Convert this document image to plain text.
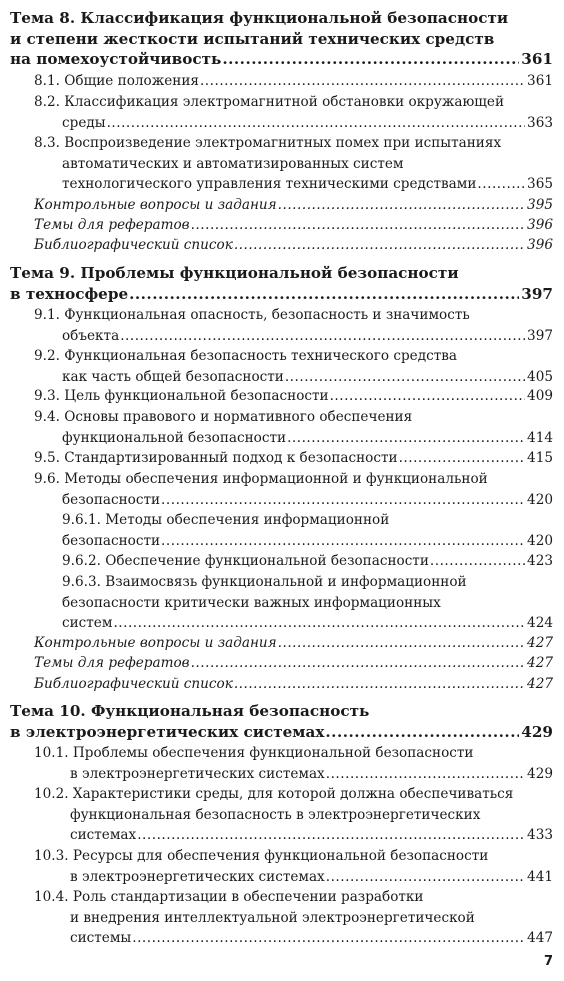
Тема 8. Классификация функциональной безопасности
и степени жесткости испытаний технических средств
на помехоустойчивость . . .	361
8.1. Общие положения . . .	361
8.2. Классификация электромагнитной обстановки окружающей
среды . . .	363
8.3. Воспроизведение электромагнитных помех при испытаниях
автоматических и автоматизированных систем
технологического управления техническими средствами . . .	365
Контрольные вопросы и задания . . .	395
Темы для рефератов . . .	396
Библиографический список . . .	396
Тема 9. Проблемы функциональной безопасности
в техносфере . . .	397
9.1. Функциональная опасность, безопасность и значимость
объекта . . .	397
9.2. Функциональная безопасность технического средства
как часть общей безопасности . . .	405
9.3. Цель функциональной безопасности . . .	409
9.4. Основы правового и нормативного обеспечения
функциональной безопасности . . .	414
9.5. Стандартизированный подход к безопасности . . .	415
9.6. Методы обеспечения информационной и функциональной
безопасности . . .	420
9.6.1. Методы обеспечения информационной
безопасности . . .	420
9.6.2. Обеспечение функциональной безопасности . . .	423
9.6.3. Взаимосвязь функциональной и информационной
безопасности критически важных информационных
систем . . .	424
Контрольные вопросы и задания . . .	427
Темы для рефератов . . .	427
Библиографический список . . .	427
Тема 10. Функциональная безопасность
в электроэнергетических системах . . .	429
10.1. Проблемы обеспечения функциональной безопасности
в электроэнергетических системах . . .	429
10.2. Характеристики среды, для которой должна обеспечиваться
функциональная безопасность в электроэнергетических
системах . . .	433
10.3. Ресурсы для обеспечения функциональной безопасности
в электроэнергетических системах . . .	441
10.4. Роль стандартизации в обеспечении разработки
и внедрения интеллектуальной электроэнергетической
системы . . .	447
7
